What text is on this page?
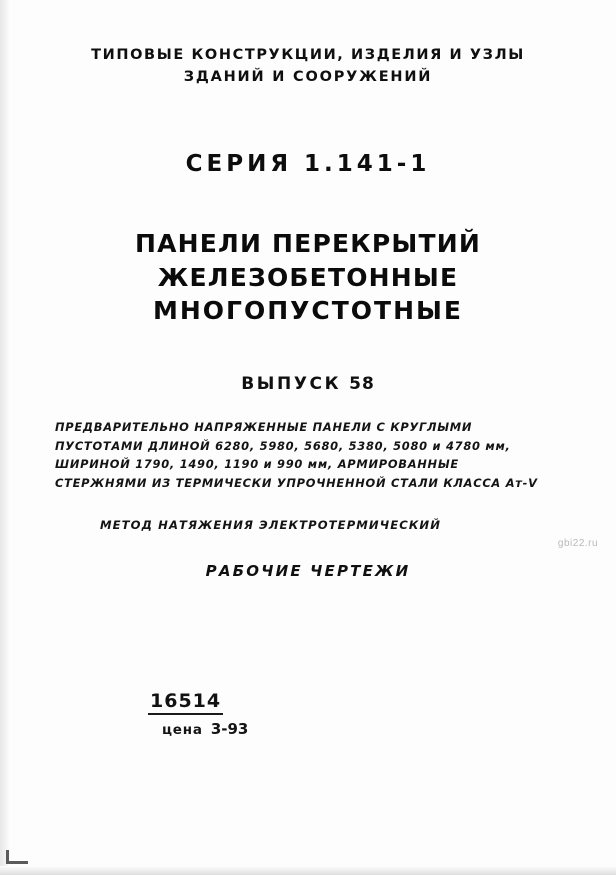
ТИПОВЫЕ КОНСТРУКЦИИ, ИЗДЕЛИЯ И УЗЛЫ
ЗДАНИЙ И СООРУЖЕНИЙ
СЕРИЯ 1.141-1
ПАНЕЛИ ПЕРЕКРЫТИЙ ЖЕЛЕЗОБЕТОННЫЕ
МНОГОПУСТОТНЫЕ
ВЫПУСК 58
ПРЕДВАРИТЕЛЬНО НАПРЯЖЕННЫЕ ПАНЕЛИ С КРУГЛЫМИ
ПУСТОТАМИ ДЛИНОЙ 6280, 5980, 5680, 5380, 5080 и 4780 мм,
ШИРИНОЙ 1790, 1490, 1190 и 990 мм, АРМИРОВАННЫЕ
СТЕРЖНЯМИ ИЗ ТЕРМИЧЕСКИ УПРОЧНЕННОЙ СТАЛИ КЛАССА Ат-V
МЕТОД НАТЯЖЕНИЯ ЭЛЕКТРОТЕРМИЧЕСКИЙ
РАБОЧИЕ ЧЕРТЕЖИ
gbi22.ru
16514
цена 3-93
